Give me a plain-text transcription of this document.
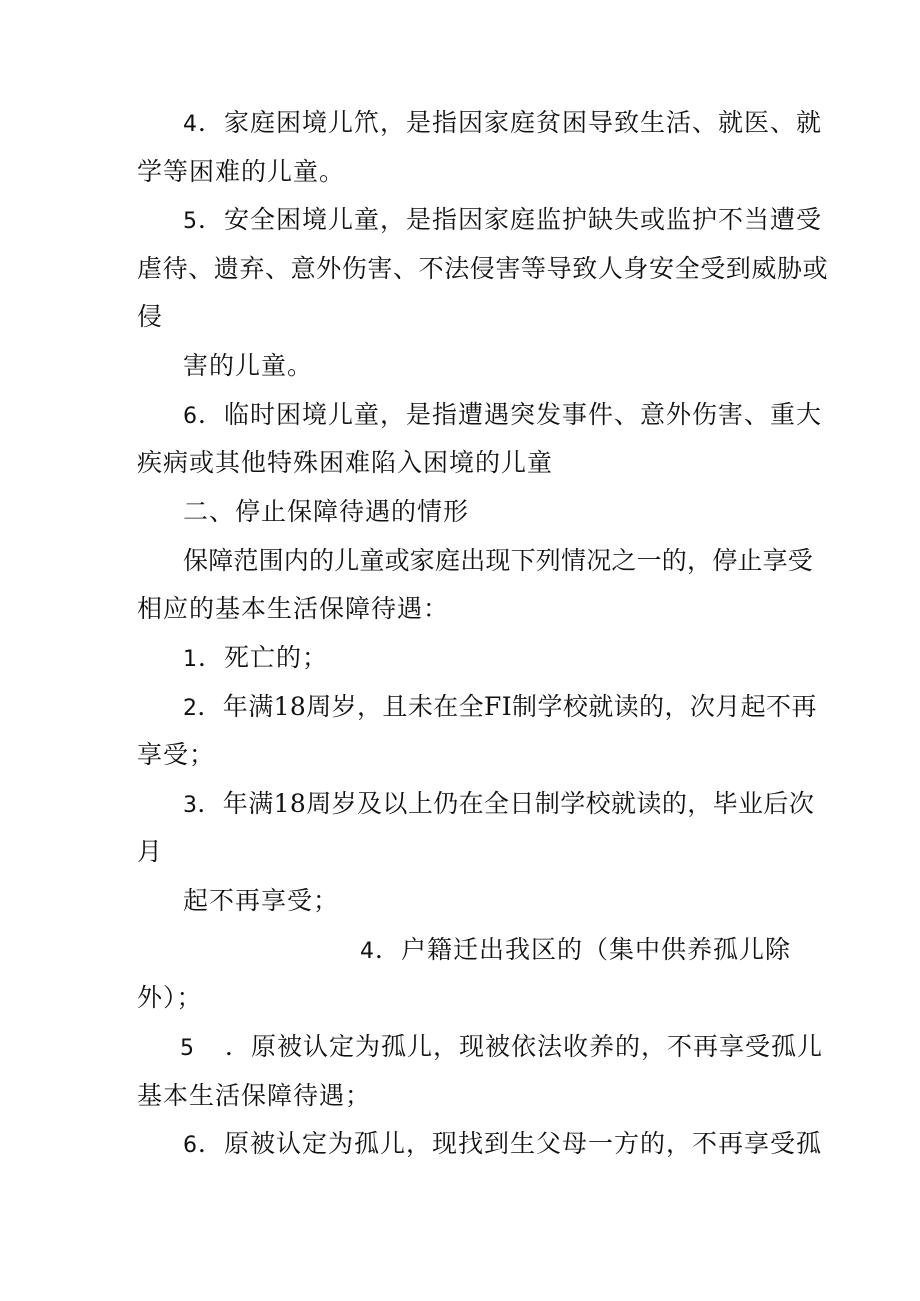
4．家庭困境儿笊，是指因家庭贫困导致生活、就医、就
学等困难的儿童。
5．安全困境儿童，是指因家庭监护缺失或监护不当遭受
虐待、遗弃、意外伤害、不法侵害等导致人身安全受到威胁或
侵
害的儿童。
6．临时困境儿童，是指遭遇突发事件、意外伤害、重大
疾病或其他特殊困难陷入困境的儿童
二、停止保障待遇的情形
保障范围内的儿童或家庭出现下列情况之一的，停止享受
相应的基本生活保障待遇：
1．死亡的；
2．年满18周岁，且未在全FI制学校就读的，次月起不再
享受；
3．年满18周岁及以上仍在全日制学校就读的，毕业后次
月
起不再享受；
4．户籍迁出我区的（集中供养孤儿除
外）；
5 ．原被认定为孤儿，现被依法收养的，不再享受孤儿
基本生活保障待遇；
6．原被认定为孤儿，现找到生父母一方的，不再享受孤
